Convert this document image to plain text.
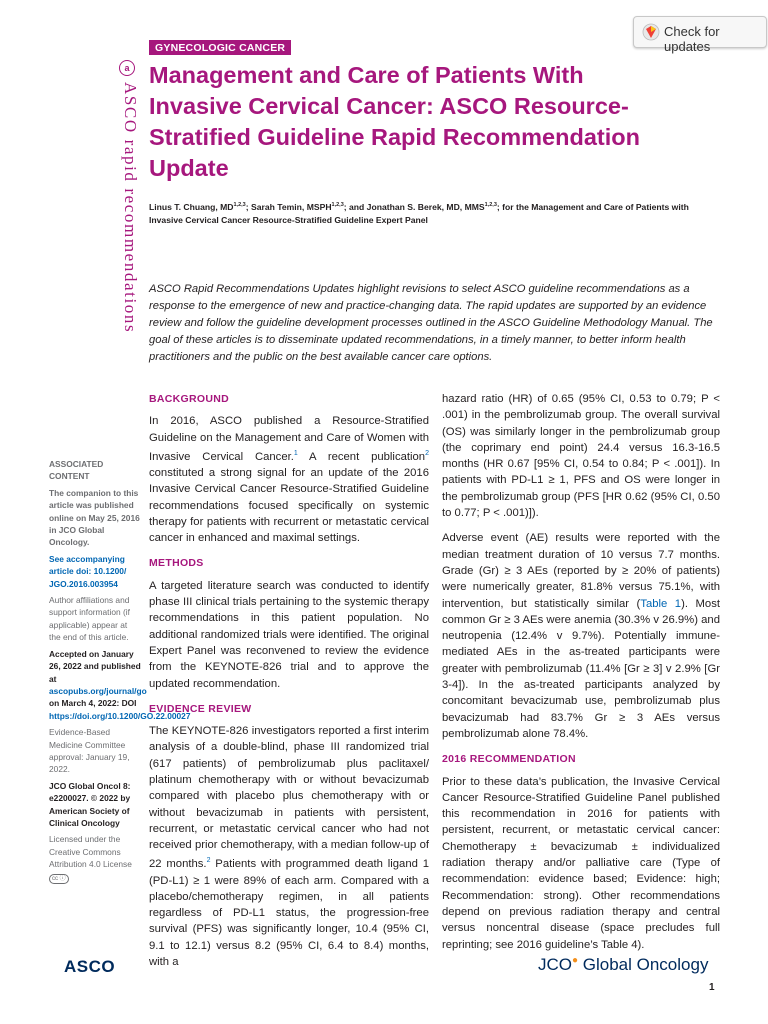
GYNECOLOGIC CANCER
Check for updates
a
ASCO rapid recommendations
Management and Care of Patients With Invasive Cervical Cancer: ASCO Resource-Stratified Guideline Rapid Recommendation Update
Linus T. Chuang, MD$^{1,2,3}$; Sarah Temin, MSPH$^{1,2,3}$; and Jonathan S. Berek, MD, MMS$^{1,2,3}$; for the Management and Care of Patients with
Invasive Cervical Cancer Resource-Stratified Guideline Expert Panel
ASCO Rapid Recommendations Updates highlight revisions to select ASCO guideline recommendations as a response to the emergence of new and practice-changing data. The rapid updates are supported by an evidence review and follow the guideline development processes outlined in the ASCO Guideline Methodology Manual. The goal of these articles is to disseminate updated recommendations, in a timely manner, to better inform health practitioners and the public on the best available cancer care options.
ASSOCIATED CONTENT
The companion to this article was published online on May 25, 2016 in JCO Global Oncology.
See accompanying article doi: 10.1200/ JGO.2016.003954
Author affiliations and support information (if applicable) appear at the end of this article.
Accepted on January 26, 2022 and published at ascopubs.org/journal/go on March 4, 2022: DOI https://doi.org/10.1200/GO.22.00027
Evidence-Based Medicine Committee approval: January 19, 2022.
JCO Global Oncol 8: e2200027. © 2022 by American Society of Clinical Oncology
Licensed under the Creative Commons Attribution 4.0 License cc ⓘ

BACKGROUND

In 2016, ASCO published a Resource-Stratified Guideline on the Management and Care of Women with Invasive Cervical Cancer.$^1$ A recent publication$^2$ constituted a strong signal for an update of the 2016 Invasive Cervical Cancer Resource-Stratified Guideline recommendations focused specifically on systemic therapy for patients with recurrent or metastatic cervical cancer in enhanced and maximal settings.

METHODS

A targeted literature search was conducted to identify phase III clinical trials pertaining to the systemic therapy recommendations in this patient population. No additional randomized trials were identified. The original Expert Panel was reconvened to review the evidence from the KEYNOTE-826 trial and to approve the updated recommendation.

EVIDENCE REVIEW

The KEYNOTE-826 investigators reported a first interim analysis of a double-blind, phase III randomized trial (617 patients) of pembrolizumab plus paclitaxel/ platinum chemotherapy with or without bevacizumab compared with placebo plus chemotherapy with or without bevacizumab in patients with persistent, recurrent, or metastatic cervical cancer who had not received prior chemotherapy, with a median follow-up of 22 months.$^2$ Patients with programmed death ligand 1 (PD-L1) ≥ 1 were 89% of each arm. Compared with a placebo/chemotherapy regimen, in all patients regardless of PD-L1 status, the progression-free survival (PFS) was significantly longer, 10.4 (95% CI, 9.1 to 12.1) versus 8.2 (95% CI, 6.4 to 8.4) months, with a

hazard ratio (HR) of 0.65 (95% CI, 0.53 to 0.79; P < .001) in the pembrolizumab group. The overall survival (OS) was similarly longer in the pembrolizumab group (the coprimary end point) 24.4 versus 16.3-16.5 months (HR 0.67 [95% CI, 0.54 to 0.84; P < .001]). In patients with PD-L1 ≥ 1, PFS and OS were longer in the pembrolizumab group (PFS [HR 0.62 (95% CI, 0.50 to 0.77; P < .001)]).

Adverse event (AE) results were reported with the median treatment duration of 10 versus 7.7 months. Grade (Gr) ≥ 3 AEs (reported by ≥ 20% of patients) were numerically greater, 81.8% versus 75.1%, with intervention, but statistically similar (Table 1). Most common Gr ≥ 3 AEs were anemia (30.3% v 26.9%) and neutropenia (12.4% v 9.7%). Potentially immune-mediated AEs in the as-treated participants were greater with pembrolizumab (11.4% [Gr ≥ 3] v 2.9% [Gr 3-4]). In the as-treated participants analyzed by concomitant bevacizumab use, pembrolizumab plus bevacizumab had 83.7% Gr ≥ 3 AEs versus pembrolizumab alone 78.4%.

2016 RECOMMENDATION

Prior to these data’s publication, the Invasive Cervical Cancer Resource-Stratified Guideline Panel published this recommendation in 2016 for patients with persistent, recurrent, or metastatic cervical cancer: Chemotherapy ± bevacizumab ± individualized radiation therapy and/or palliative care (Type of recommendation: evidence based; Evidence: high; Recommendation: strong). Other recommendations depend on previous radiation therapy and central versus noncentral disease (space precludes full reprinting; see 2016 guideline’s Table 4).

ASCO	JCO● Global Oncology
1
